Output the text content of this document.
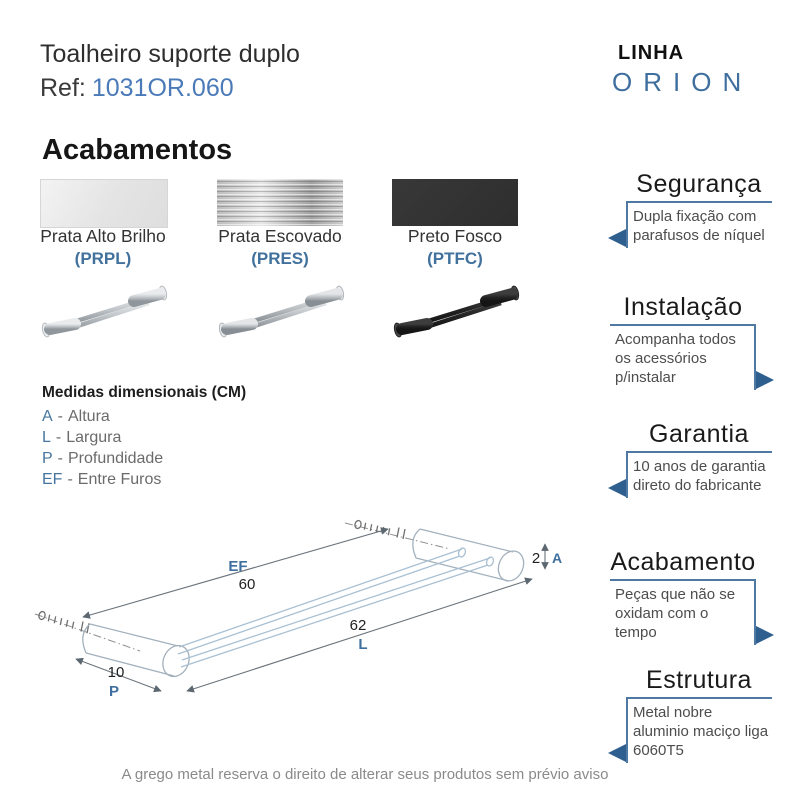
Toalheiro suporte duplo
Ref: 1031OR.060
LINHA
ORION
Acabamentos
Prata Alto Brilho	Prata Escovado	Preto Fosco
(PRPL)	(PRES)	(PTFC)
Medidas dimensionais (CM)
A - Altura
L - Largura
P - Profundidade
EF - Entre Furos
EF
60
62
L
10
P
2 A
Segurança
Dupla fixação com parafusos de níquel
Instalação
Acompanha todos os acessórios p/instalar
Garantia
10 anos de garantia direto do fabricante
Acabamento
Peças que não se oxidam com o tempo
Estrutura
Metal nobre aluminio maciço liga 6060T5
A grego metal reserva o direito de alterar seus produtos sem prévio aviso
